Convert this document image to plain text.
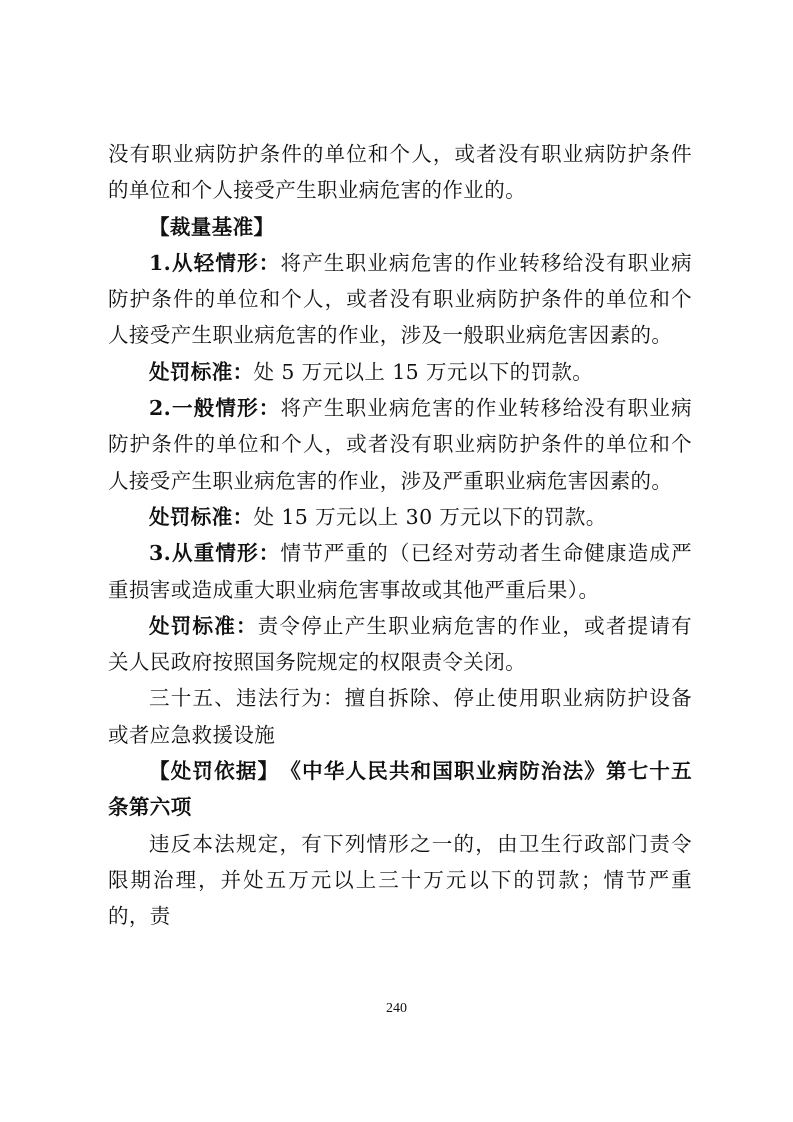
没有职业病防护条件的单位和个人，或者没有职业病防护条件的单位和个人接受产生职业病危害的作业的。

【裁量基准】

1.从轻情形：将产生职业病危害的作业转移给没有职业病防护条件的单位和个人，或者没有职业病防护条件的单位和个人接受产生职业病危害的作业，涉及一般职业病危害因素的。

处罚标准：处 5 万元以上 15 万元以下的罚款。

2.一般情形：将产生职业病危害的作业转移给没有职业病防护条件的单位和个人，或者没有职业病防护条件的单位和个人接受产生职业病危害的作业，涉及严重职业病危害因素的。

处罚标准：处 15 万元以上 30 万元以下的罚款。

3.从重情形：情节严重的（已经对劳动者生命健康造成严重损害或造成重大职业病危害事故或其他严重后果）。

处罚标准：责令停止产生职业病危害的作业，或者提请有关人民政府按照国务院规定的权限责令关闭。

三十五、违法行为：擅自拆除、停止使用职业病防护设备或者应急救援设施

【处罚依据】　《中华人民共和国职业病防治法》第七十五条第六项

违反本法规定，有下列情形之一的，由卫生行政部门责令限期治理，并处五万元以上三十万元以下的罚款；情节严重的，责

240
